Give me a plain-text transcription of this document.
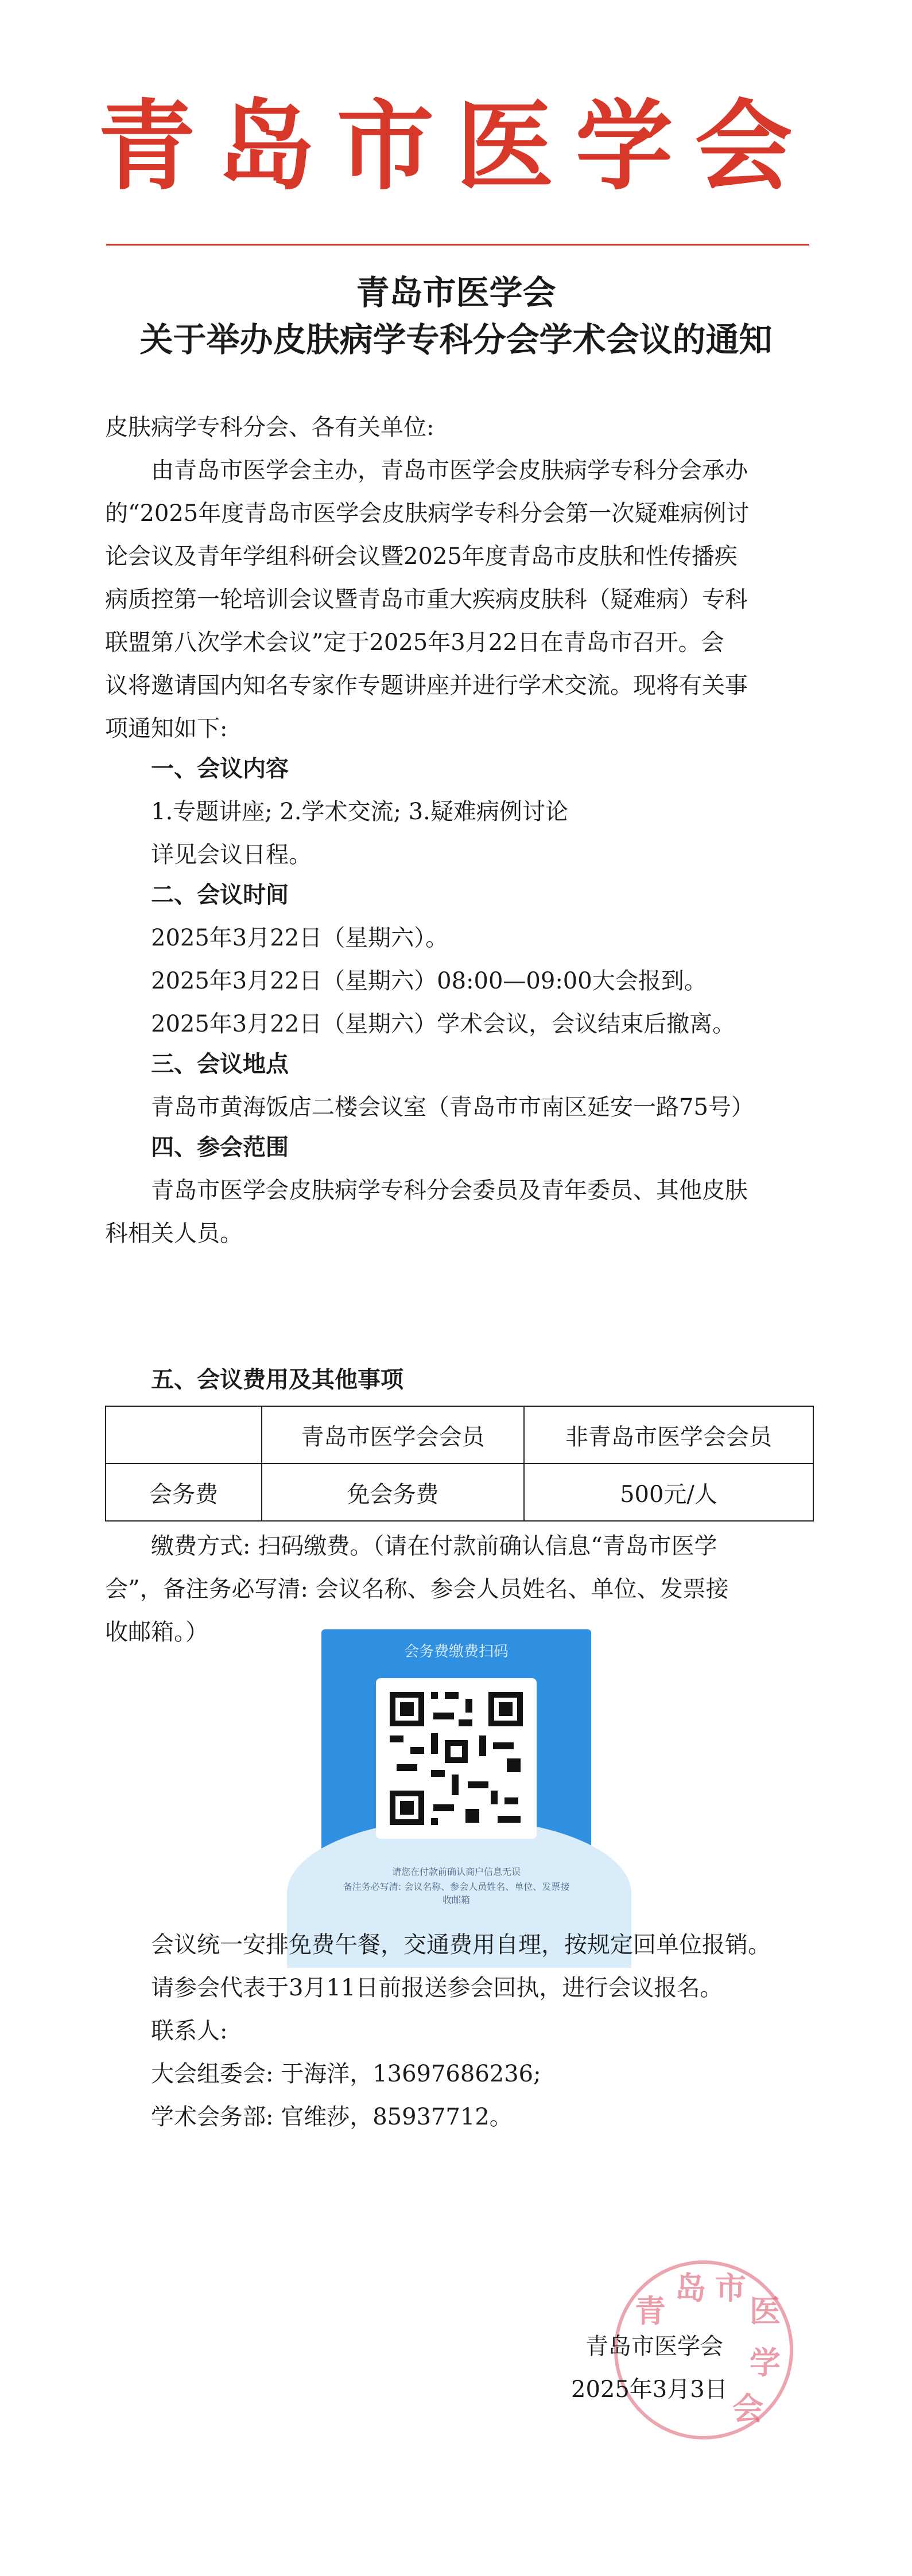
青岛市医学会
青岛市医学会
关于举办皮肤病学专科分会学术会议的通知
皮肤病学专科分会、各有关单位:
由青岛市医学会主办，青岛市医学会皮肤病学专科分会承办
的“2025年度青岛市医学会皮肤病学专科分会第一次疑难病例讨
论会议及青年学组科研会议暨2025年度青岛市皮肤和性传播疾
病质控第一轮培训会议暨青岛市重大疾病皮肤科（疑难病）专科
联盟第八次学术会议”定于2025年3月22日在青岛市召开。会
议将邀请国内知名专家作专题讲座并进行学术交流。现将有关事
项通知如下:
一、会议内容
1.专题讲座; 2.学术交流; 3.疑难病例讨论
详见会议日程。
二、会议时间
2025年3月22日（星期六）。
2025年3月22日（星期六）08:00—09:00大会报到。
2025年3月22日（星期六）学术会议，会议结束后撤离。
三、会议地点
青岛市黄海饭店二楼会议室（青岛市市南区延安一路75号）
四、参会范围
青岛市医学会皮肤病学专科分会委员及青年委员、其他皮肤
科相关人员。
五、会议费用及其他事项
	青岛市医学会会员	非青岛市医学会会员
会务费	免会务费	500元/人
缴费方式: 扫码缴费。（请在付款前确认信息“青岛市医学
会”，备注务必写清: 会议名称、参会人员姓名、单位、发票接
收邮箱。）
会务费缴费扫码
请您在付款前确认商户信息无误
备注务必写清: 会议名称、参会人员姓名、单位、发票接收邮箱
会议统一安排免费午餐，交通费用自理，按规定回单位报销。
请参会代表于3月11日前报送参会回执，进行会议报名。
联系人:
大会组委会: 于海洋，13697686236;
学术会务部: 官维莎，85937712。
青
岛 市
医
学
会
青岛市医学会
2025年3月3日
